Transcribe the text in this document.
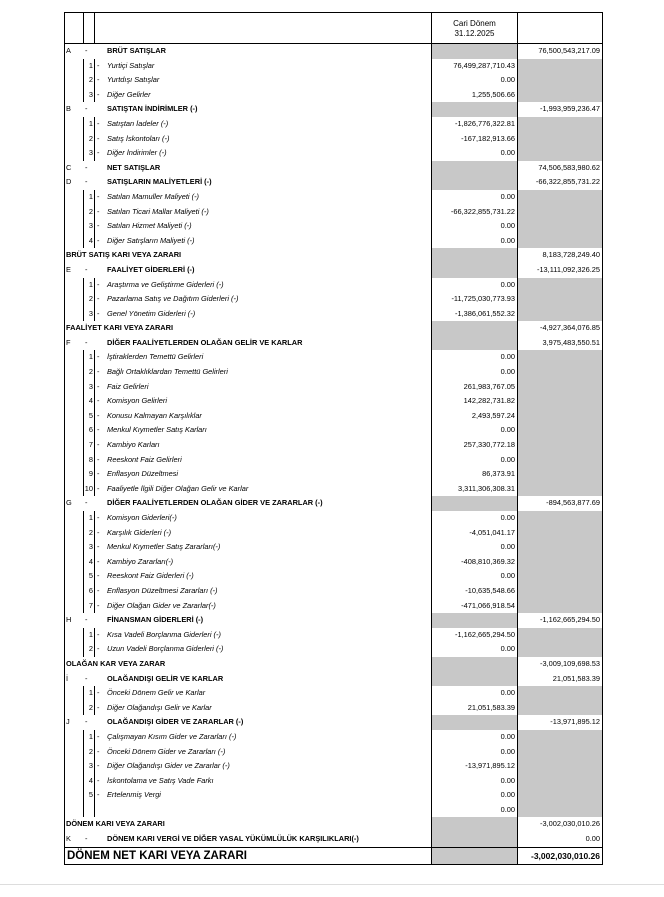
Cari Dönem
31.12.2025
A	-	BRÜT SATIŞLAR	76,500,543,217.09
1 -	Yurtiçi Satışlar	76,499,287,710.43
2 -	Yurtdışı Satışlar	0.00
3 -	Diğer Gelirler	1,255,506.66
B	-	SATIŞTAN İNDİRİMLER (-)	-1,993,959,236.47
1 -	Satıştan İadeler (-)	-1,826,776,322.81
2 -	Satış İskontoları (-)	-167,182,913.66
3 -	Diğer İndirimler (-)	0.00
C	-	NET SATIŞLAR	74,506,583,980.62
D	-	SATIŞLARIN MALİYETLERİ (-)	-66,322,855,731.22
1 -	Satılan Mamuller Maliyeti (-)	0.00
2 -	Satılan Ticari Mallar Maliyeti (-)	-66,322,855,731.22
3 -	Satılan Hizmet Maliyeti (-)	0.00
4 -	Diğer Satışların Maliyeti (-)	0.00
BRÜT SATIŞ KARI VEYA ZARARI	8,183,728,249.40
E	-	FAALİYET GİDERLERİ (-)	-13,111,092,326.25
1 -	Araştırma ve Geliştirme Giderleri (-)	0.00
2 -	Pazarlama Satış ve Dağıtım Giderleri (-)	-11,725,030,773.93
3 -	Genel Yönetim Giderleri (-)	-1,386,061,552.32
FAALİYET KARI VEYA ZARARI	-4,927,364,076.85
F	-	DİĞER FAALİYETLERDEN OLAĞAN GELİR VE KARLAR	3,975,483,550.51
1 -	İştiraklerden Temettü Gelirleri	0.00
2 -	Bağlı Ortaklıklardan Temettü Gelirleri	0.00
3 -	Faiz Gelirleri	261,983,767.05
4 -	Komisyon Gelirleri	142,282,731.82
5 -	Konusu Kalmayan Karşılıklar	2,493,597.24
6 -	Menkul Kıymetler Satış Karları	0.00
7 -	Kambiyo Karları	257,330,772.18
8 -	Reeskont Faiz Gelirleri	0.00
9 -	Enflasyon Düzeltmesi	86,373.91
10 -	Faaliyetle İlgili Diğer Olağan Gelir ve Karlar	3,311,306,308.31
G	-	DİĞER FAALİYETLERDEN OLAĞAN GİDER VE ZARARLAR (-)	-894,563,877.69
1 -	Komisyon Giderleri(-)	0.00
2 -	Karşılık Giderleri (-)	-4,051,041.17
3 -	Menkul Kıymetler Satış Zararları(-)	0.00
4 -	Kambiyo Zararları(-)	-408,810,369.32
5 -	Reeskont Faiz Giderleri (-)	0.00
6 -	Enflasyon Düzeltmesi Zararları (-)	-10,635,548.66
7 -	Diğer Olağan Gider ve Zararlar(-)	-471,066,918.54
H	-	FİNANSMAN GİDERLERİ (-)	-1,162,665,294.50
1 -	Kısa Vadeli Borçlanma Giderleri (-)	-1,162,665,294.50
2 -	Uzun Vadeli Borçlanma Giderleri (-)	0.00
OLAĞAN KAR VEYA ZARAR	-3,009,109,698.53
İ	-	OLAĞANDIŞI GELİR VE KARLAR	21,051,583.39
1 -	Önceki Dönem Gelir ve Karlar	0.00
2 -	Diğer Olağandışı Gelir ve Karlar	21,051,583.39
J	-	OLAĞANDIŞI GİDER VE ZARARLAR (-)	-13,971,895.12
1 -	Çalışmayan Kısım Gider ve Zararları (-)	0.00
2 -	Önceki Dönem Gider ve Zararları (-)	0.00
3 -	Diğer Olağandışı Gider ve Zararlar (-)	-13,971,895.12
4 -	İskontolama ve Satış Vade Farkı	0.00
5 -	Ertelenmiş Vergi	0.00
0.00
DÖNEM KARI VEYA ZARARI	-3,002,030,010.26
K	-	DÖNEM KARI VERGİ VE DİĞER YASAL YÜKÜMLÜLÜK KARŞILIKLARI(-)	0.00
DÖNEM NET KARI VEYA ZARARI	-3,002,030,010.26
